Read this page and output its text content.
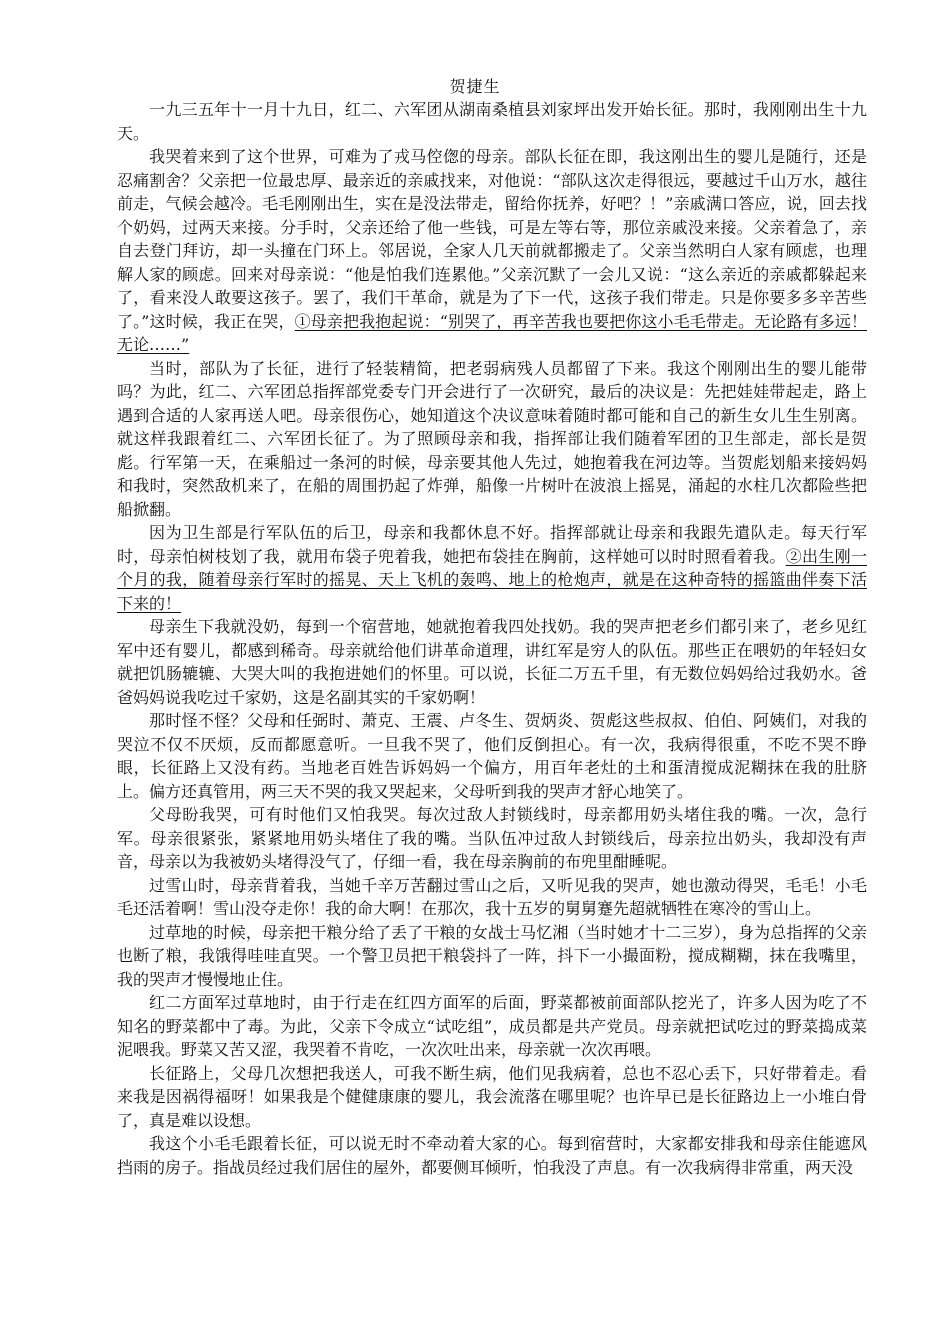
贺捷生

一九三五年十一月十九日，红二、六军团从湖南桑植县刘家坪出发开始长征。那时，我刚刚出生十九天。

我哭着来到了这个世界，可难为了戎马倥偬的母亲。部队长征在即，我这刚出生的婴儿是随行，还是忍痛割舍？父亲把一位最忠厚、最亲近的亲戚找来，对他说：“部队这次走得很远，要越过千山万水，越往前走，气候会越冷。毛毛刚刚出生，实在是没法带走，留给你抚养，好吧？！”亲戚满口答应，说，回去找个奶妈，过两天来接。分手时，父亲还给了他一些钱，可是左等右等，那位亲戚没来接。父亲着急了，亲自去登门拜访，却一头撞在门环上。邻居说，全家人几天前就都搬走了。父亲当然明白人家有顾虑，也理解人家的顾虑。回来对母亲说：“他是怕我们连累他。”父亲沉默了一会儿又说：“这么亲近的亲戚都躲起来了，看来没人敢要这孩子。罢了，我们干革命，就是为了下一代，这孩子我们带走。只是你要多多辛苦些了。”这时候，我正在哭，①母亲把我抱起说：“别哭了，再辛苦我也要把你这小毛毛带走。无论路有多远！无论……”

当时，部队为了长征，进行了轻装精简，把老弱病残人员都留了下来。我这个刚刚出生的婴儿能带吗？为此，红二、六军团总指挥部党委专门开会进行了一次研究，最后的决议是：先把娃娃带起走，路上遇到合适的人家再送人吧。母亲很伤心，她知道这个决议意味着随时都可能和自己的新生女儿生生别离。就这样我跟着红二、六军团长征了。为了照顾母亲和我，指挥部让我们随着军团的卫生部走，部长是贺彪。行军第一天，在乘船过一条河的时候，母亲要其他人先过，她抱着我在河边等。当贺彪划船来接妈妈和我时，突然敌机来了，在船的周围扔起了炸弹，船像一片树叶在波浪上摇晃，涌起的水柱几次都险些把船掀翻。

因为卫生部是行军队伍的后卫，母亲和我都休息不好。指挥部就让母亲和我跟先遣队走。每天行军时，母亲怕树枝划了我，就用布袋子兜着我，她把布袋挂在胸前，这样她可以时时照看着我。②出生刚一个月的我，随着母亲行军时的摇晃、天上飞机的轰鸣、地上的枪炮声，就是在这种奇特的摇篮曲伴奏下活下来的！

母亲生下我就没奶，每到一个宿营地，她就抱着我四处找奶。我的哭声把老乡们都引来了，老乡见红军中还有婴儿，都感到稀奇。母亲就给他们讲革命道理，讲红军是穷人的队伍。那些正在喂奶的年轻妇女就把饥肠辘辘、大哭大叫的我抱进她们的怀里。可以说，长征二万五千里，有无数位妈妈给过我奶水。爸爸妈妈说我吃过千家奶，这是名副其实的千家奶啊！

那时怪不怪？父母和任弼时、萧克、王震、卢冬生、贺炳炎、贺彪这些叔叔、伯伯、阿姨们，对我的哭泣不仅不厌烦，反而都愿意听。一旦我不哭了，他们反倒担心。有一次，我病得很重，不吃不哭不睁眼，长征路上又没有药。当地老百姓告诉妈妈一个偏方，用百年老灶的土和蛋清搅成泥糊抹在我的肚脐上。偏方还真管用，两三天不哭的我又哭起来，父母听到我的哭声才舒心地笑了。

父母盼我哭，可有时他们又怕我哭。每次过敌人封锁线时，母亲都用奶头堵住我的嘴。一次，急行军。母亲很紧张，紧紧地用奶头堵住了我的嘴。当队伍冲过敌人封锁线后，母亲拉出奶头，我却没有声音，母亲以为我被奶头堵得没气了，仔细一看，我在母亲胸前的布兜里酣睡呢。

过雪山时，母亲背着我，当她千辛万苦翻过雪山之后，又听见我的哭声，她也激动得哭，毛毛！小毛毛还活着啊！雪山没夺走你！我的命大啊！在那次，我十五岁的舅舅蹇先超就牺牲在寒冷的雪山上。

过草地的时候，母亲把干粮分给了丢了干粮的女战士马忆湘（当时她才十二三岁），身为总指挥的父亲也断了粮，我饿得哇哇直哭。一个警卫员把干粮袋抖了一阵，抖下一小撮面粉，搅成糊糊，抹在我嘴里，我的哭声才慢慢地止住。

红二方面军过草地时，由于行走在红四方面军的后面，野菜都被前面部队挖光了，许多人因为吃了不知名的野菜都中了毒。为此，父亲下令成立“试吃组”，成员都是共产党员。母亲就把试吃过的野菜捣成菜泥喂我。野菜又苦又涩，我哭着不肯吃，一次次吐出来，母亲就一次次再喂。

长征路上，父母几次想把我送人，可我不断生病，他们见我病着，总也不忍心丢下，只好带着走。看来我是因祸得福呀！如果我是个健健康康的婴儿，我会流落在哪里呢？也许早已是长征路边上一小堆白骨了，真是难以设想。

我这个小毛毛跟着长征，可以说无时不牵动着大家的心。每到宿营时，大家都安排我和母亲住能遮风挡雨的房子。指战员经过我们居住的屋外，都要侧耳倾听，怕我没了声息。有一次我病得非常重，两天没
